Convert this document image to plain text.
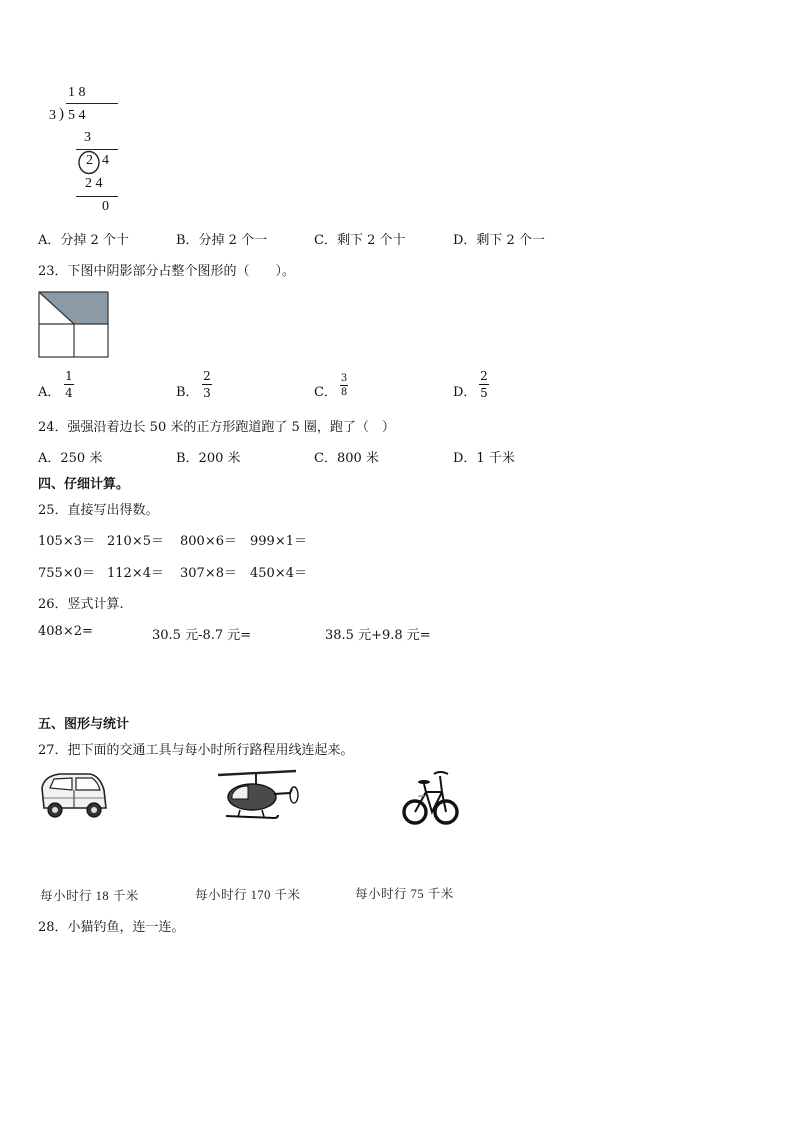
1 8
3 ) 5 4
3
2 4
2 4
0
A．分掉 2 个十	B．分掉 2 个一	C．剩下 2 个十	D．剩下 2 个一
23．下图中阴影部分占整个图形的（　　）。
A．
1
4	B．
2
3	C．
3
8	D．
2
5
24．强强沿着边长 50 米的正方形跑道跑了 5 圈，跑了（　）
A．250 米	B．200 米	C．800 米	D．1 千米
四、仔细计算。
25．直接写出得数。
105×3＝ 210×5＝ 800×6＝ 999×1＝
755×0＝ 112×4＝ 307×8＝ 450×4＝
26．竖式计算.
408×2=	30.5 元-8.7 元=	38.5 元+9.8 元=
五、图形与统计
27．把下面的交通工具与每小时所行路程用线连起来。
每小时行 18 千米	每小时行 170 千米	每小时行 75 千米
28．小猫钓鱼，连一连。
